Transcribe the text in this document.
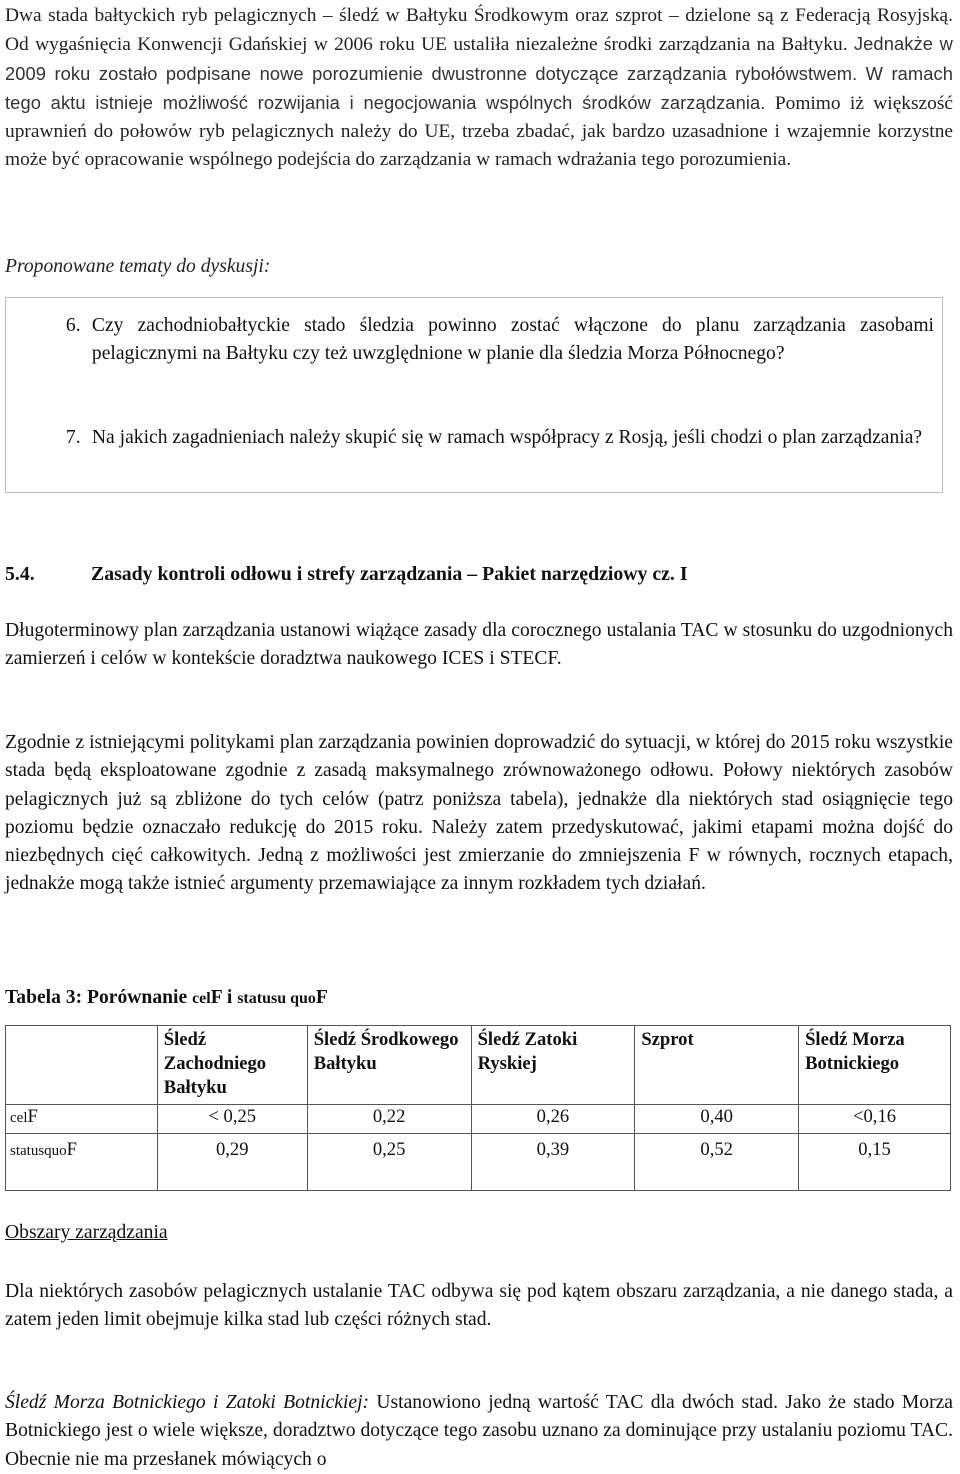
Dwa stada bałtyckich ryb pelagicznych – śledź w Bałtyku Środkowym oraz szprot – dzielone są z Federacją Rosyjską. Od wygaśnięcia Konwencji Gdańskiej w 2006 roku UE ustaliła niezależne środki zarządzania na Bałtyku. Jednakże w 2009 roku zostało podpisane nowe porozumienie dwustronne dotyczące zarządzania rybołówstwem. W ramach tego aktu istnieje możliwość rozwijania i negocjowania wspólnych środków zarządzania. Pomimo iż większość uprawnień do połowów ryb pelagicznych należy do UE, trzeba zbadać, jak bardzo uzasadnione i wzajemnie korzystne może być opracowanie wspólnego podejścia do zarządzania w ramach wdrażania tego porozumienia.

Proponowane tematy do dyskusji:
6. Czy zachodniobałtyckie stado śledzia powinno zostać włączone do planu zarządzania zasobami pelagicznymi na Bałtyku czy też uwzględnione w planie dla śledzia Morza Północnego?
7. Na jakich zagadnieniach należy skupić się w ramach współpracy z Rosją, jeśli chodzi o plan zarządzania?
5.4.	Zasady kontroli odłowu i strefy zarządzania – Pakiet narzędziowy cz. I

Długoterminowy plan zarządzania ustanowi wiążące zasady dla corocznego ustalania TAC w stosunku do uzgodnionych zamierzeń i celów w kontekście doradztwa naukowego ICES i STECF.

Zgodnie z istniejącymi politykami plan zarządzania powinien doprowadzić do sytuacji, w której do 2015 roku wszystkie stada będą eksploatowane zgodnie z zasadą maksymalnego zrównoważonego odłowu. Połowy niektórych zasobów pelagicznych już są zbliżone do tych celów (patrz poniższa tabela), jednakże dla niektórych stad osiągnięcie tego poziomu będzie oznaczało redukcję do 2015 roku. Należy zatem przedyskutować, jakimi etapami można dojść do niezbędnych cięć całkowitych. Jedną z możliwości jest zmierzanie do zmniejszenia F w równych, rocznych etapach, jednakże mogą także istnieć argumenty przemawiające za innym rozkładem tych działań.

Tabela 3: Porównanie celF i statusu quoF
	Śledź Zachodniego Bałtyku	Śledź Środkowego Bałtyku	Śledź Zatoki Ryskiej	Szprot	Śledź Morza Botnickiego
celF	< 0,25	0,22	0,26	0,40	<0,16
statusquoF	0,29	0,25	0,39	0,52	0,15
Obszary zarządzania

Dla niektórych zasobów pelagicznych ustalanie TAC odbywa się pod kątem obszaru zarządzania, a nie danego stada, a zatem jeden limit obejmuje kilka stad lub części różnych stad.

Śledź Morza Botnickiego i Zatoki Botnickiej: Ustanowiono jedną wartość TAC dla dwóch stad. Jako że stado Morza Botnickiego jest o wiele większe, doradztwo dotyczące tego zasobu uznano za dominujące przy ustalaniu poziomu TAC. Obecnie nie ma przesłanek mówiących o
